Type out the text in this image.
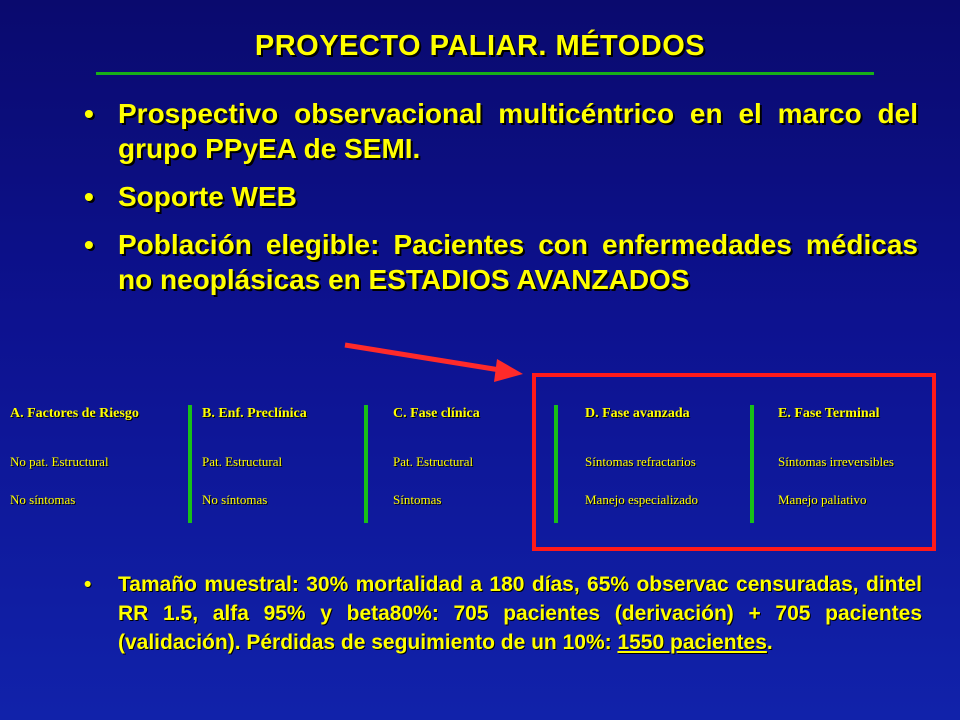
PROYECTO PALIAR. MÉTODOS
• Prospectivo observacional multicéntrico en el marco del grupo PPyEA de SEMI.
• Soporte WEB
• Población elegible: Pacientes con enfermedades médicas no neoplásicas en ESTADIOS AVANZADOS
A. Factores de Riesgo
No pat. Estructural
No síntomas
B. Enf. Preclínica
Pat. Estructural
No síntomas
C. Fase clínica
Pat. Estructural
Síntomas
D. Fase avanzada
Síntomas refractarios
Manejo especializado
E. Fase Terminal
Síntomas irreversibles
Manejo paliativo
• Tamaño muestral: 30% mortalidad a 180 días, 65% observac censuradas, dintel RR 1.5, alfa 95% y beta80%: 705 pacientes (derivación) + 705 pacientes (validación). Pérdidas de seguimiento de un 10%: 1550 pacientes.
